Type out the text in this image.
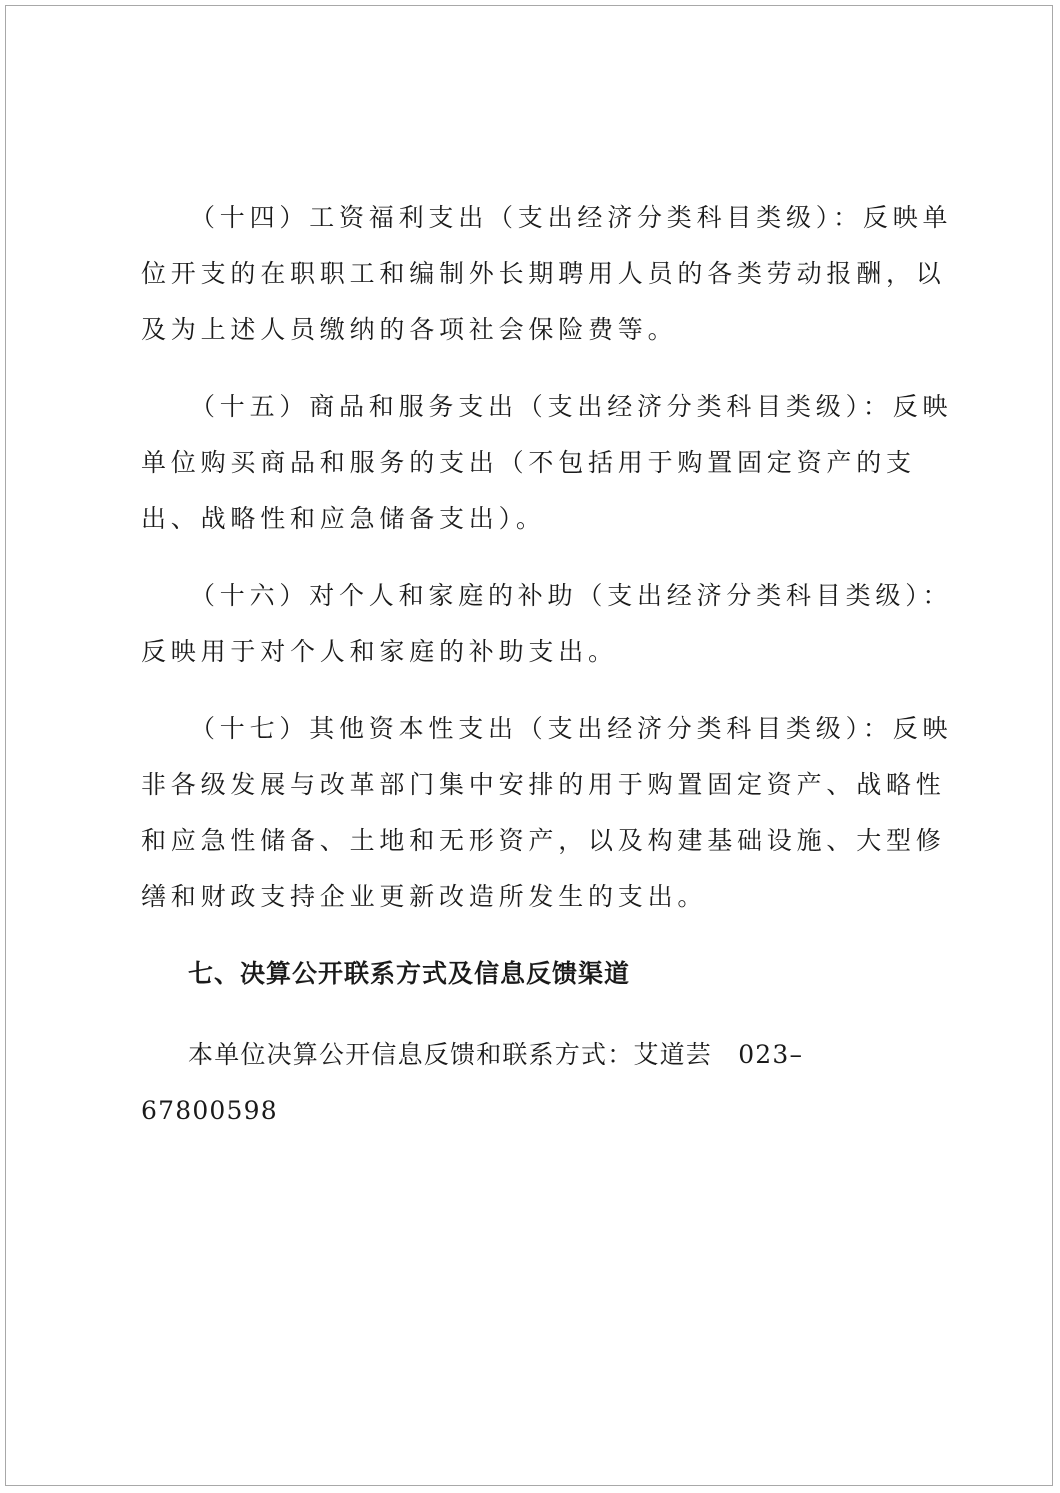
（十四）工资福利支出（支出经济分类科目类级）：反映单
位开支的在职职工和编制外长期聘用人员的各类劳动报酬，以
及为上述人员缴纳的各项社会保险费等。
（十五）商品和服务支出（支出经济分类科目类级）：反映
单位购买商品和服务的支出（不包括用于购置固定资产的支
出、战略性和应急储备支出）。
（十六）对个人和家庭的补助（支出经济分类科目类级）：
反映用于对个人和家庭的补助支出。
（十七）其他资本性支出（支出经济分类科目类级）：反映
非各级发展与改革部门集中安排的用于购置固定资产、战略性
和应急性储备、土地和无形资产，以及构建基础设施、大型修
缮和财政支持企业更新改造所发生的支出。
七、决算公开联系方式及信息反馈渠道
本单位决算公开信息反馈和联系方式：艾道芸　023–
67800598
